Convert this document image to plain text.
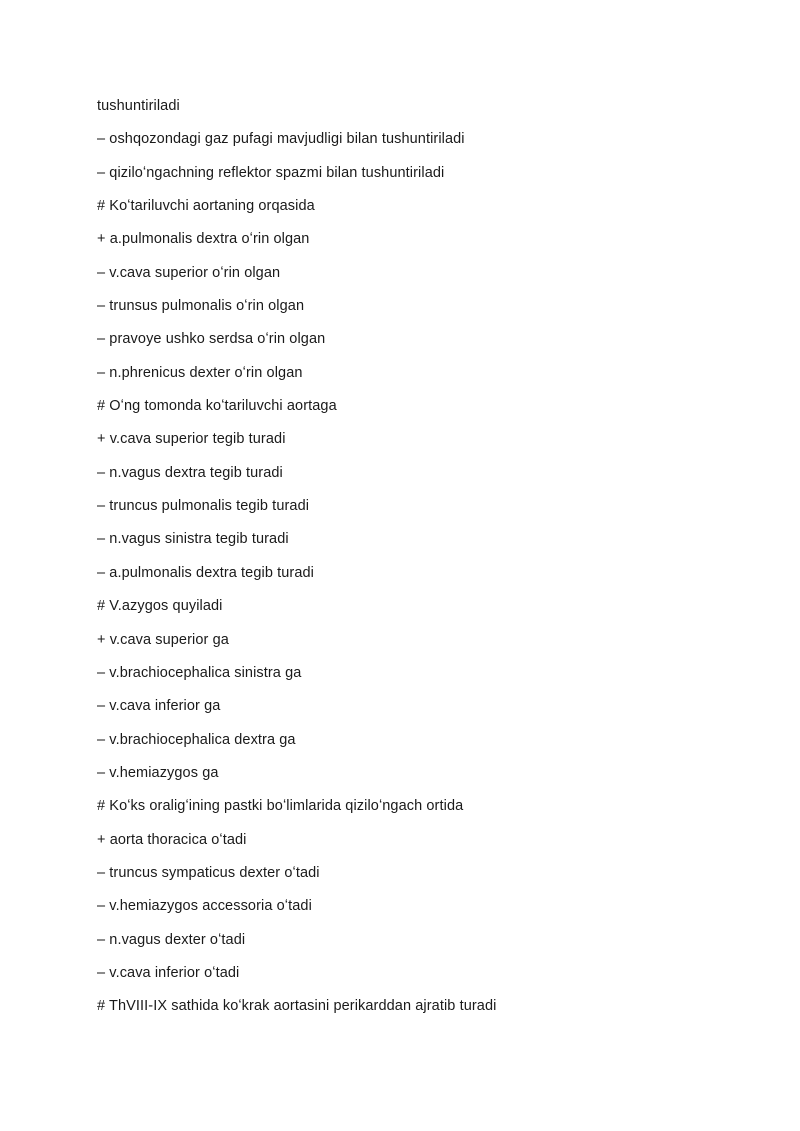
tushuntiriladi
– oshqozondagi gaz pufagi mavjudligi bilan tushuntiriladi
– qiziloʻngachning reflektor spazmi bilan tushuntiriladi
# Koʻtariluvchi aortaning orqasida
+ a.pulmonalis dextra oʻrin olgan
– v.cava superior oʻrin olgan
– trunsus pulmonalis oʻrin olgan
– pravoye ushko serdsa oʻrin olgan
– n.phrenicus dexter oʻrin olgan
# Oʻng tomonda koʻtariluvchi aortaga
+ v.cava superior tegib turadi
– n.vagus dextra tegib turadi
– truncus pulmonalis tegib turadi
– n.vagus sinistra tegib turadi
– a.pulmonalis dextra tegib turadi
# V.azygos quyiladi
+ v.cava superior ga
– v.brachiocephalica sinistra ga
– v.cava inferior ga
– v.brachiocephalica dextra ga
– v.hemiazygos ga
# Koʻks oraligʻining pastki boʻlimlarida qiziloʻngach ortida
+ aorta thoracica oʻtadi
– truncus sympaticus dexter oʻtadi
– v.hemiazygos accessoria oʻtadi
– n.vagus dexter oʻtadi
– v.cava inferior oʻtadi
# ThVIII-IX sathida koʻkrak aortasini perikarddan ajratib turadi
